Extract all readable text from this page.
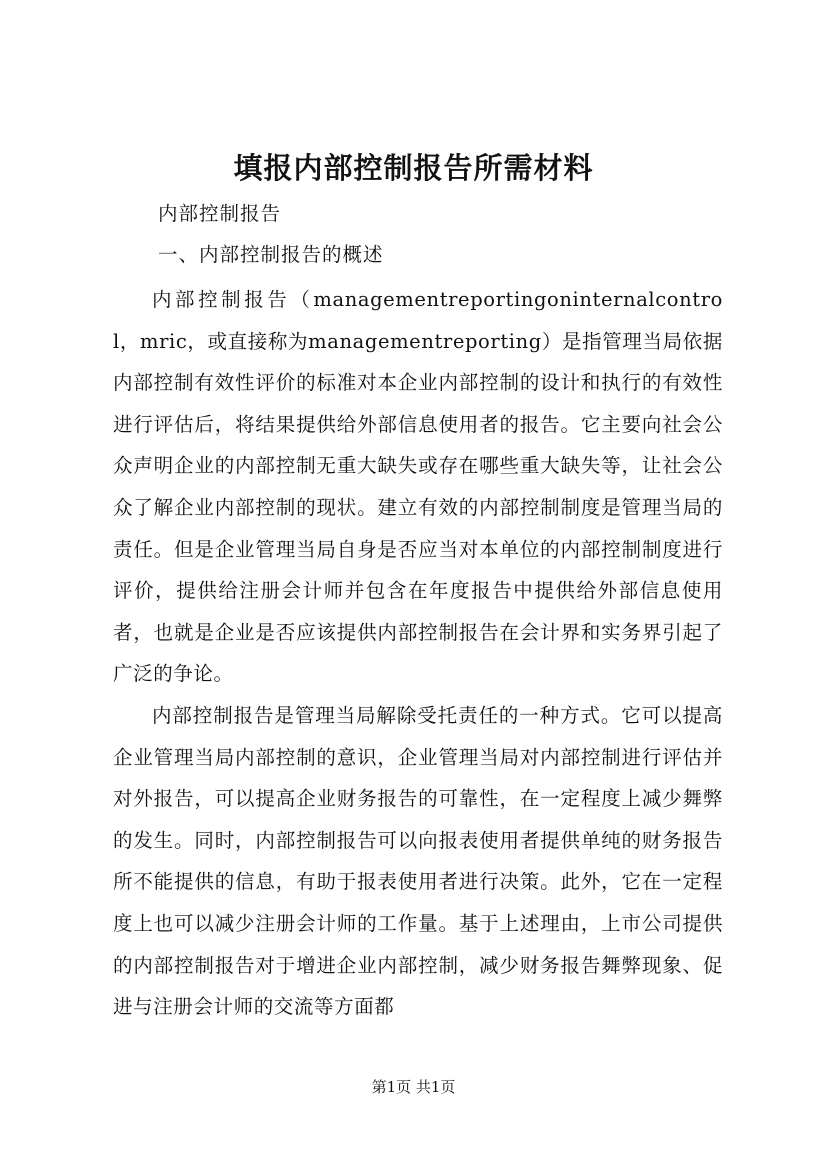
填报内部控制报告所需材料
内部控制报告
一、内部控制报告的概述

内部控制报告（managementreportingoninternalcontrol，mric，或直接称为managementreporting）是指管理当局依据内部控制有效性评价的标准对本企业内部控制的设计和执行的有效性进行评估后，将结果提供给外部信息使用者的报告。它主要向社会公众声明企业的内部控制无重大缺失或存在哪些重大缺失等，让社会公众了解企业内部控制的现状。建立有效的内部控制制度是管理当局的责任。但是企业管理当局自身是否应当对本单位的内部控制制度进行评价，提供给注册会计师并包含在年度报告中提供给外部信息使用者，也就是企业是否应该提供内部控制报告在会计界和实务界引起了广泛的争论。

内部控制报告是管理当局解除受托责任的一种方式。它可以提高企业管理当局内部控制的意识，企业管理当局对内部控制进行评估并对外报告，可以提高企业财务报告的可靠性，在一定程度上减少舞弊的发生。同时，内部控制报告可以向报表使用者提供单纯的财务报告所不能提供的信息，有助于报表使用者进行决策。此外，它在一定程度上也可以减少注册会计师的工作量。基于上述理由，上市公司提供的内部控制报告对于增进企业内部控制，减少财务报告舞弊现象、促进与注册会计师的交流等方面都

第1页 共1页
